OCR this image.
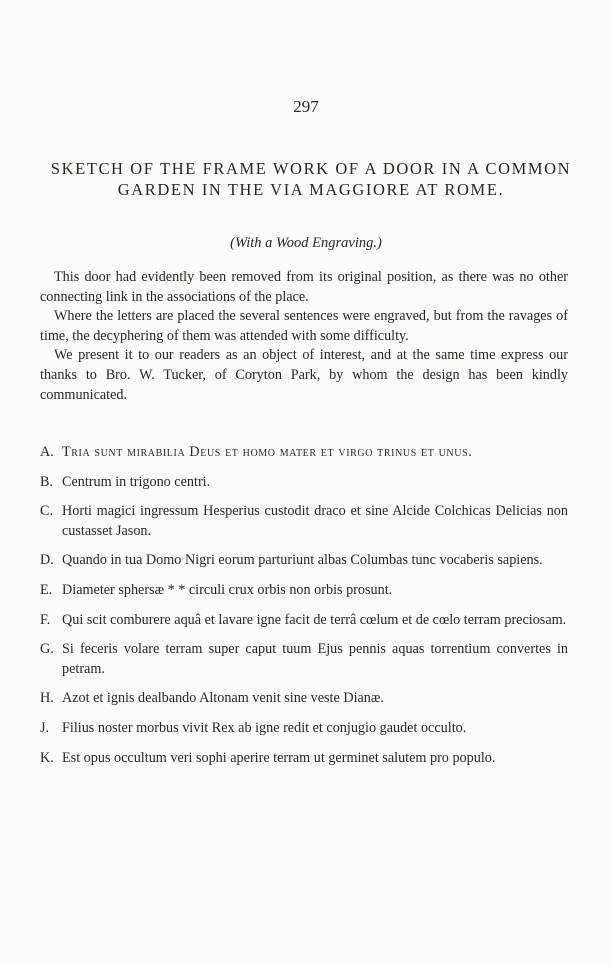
297
SKETCH OF THE FRAME WORK OF A DOOR IN A COMMON GARDEN IN THE VIA MAGGIORE AT ROME.
(With a Wood Engraving.)

This door had evidently been removed from its original position, as there was no other connecting link in the associations of the place.

Where the letters are placed the several sentences were engraved, but from the ravages of time, the decyphering of them was attended with some difficulty.

We present it to our readers as an object of interest, and at the same time express our thanks to Bro. W. Tucker, of Coryton Park, by whom the design has been kindly communicated.

A. Tria sunt mirabilia Deus et homo mater et virgo trinus et unus.
B. Centrum in trigono centri.
C. Horti magici ingressum Hesperius custodit draco et sine Alcide Colchicas Delicias non custasset Jason.
D. Quando in tua Domo Nigri eorum parturiunt albas Columbas tunc vocaberis sapiens.
E. Diameter sphersæ * * circuli crux orbis non orbis prosunt.
F. Qui scit comburere aquâ et lavare igne facit de terrâ cœlum et de cœlo terram preciosam.
G. Si feceris volare terram super caput tuum Ejus pennis aquas torrentium convertes in petram.
H. Azot et ignis dealbando Altonam venit sine veste Dianæ.
J. Filius noster morbus vivit Rex ab igne redit et conjugio gaudet occulto.
K. Est opus occultum veri sophi aperire terram ut germinet salutem pro populo.
